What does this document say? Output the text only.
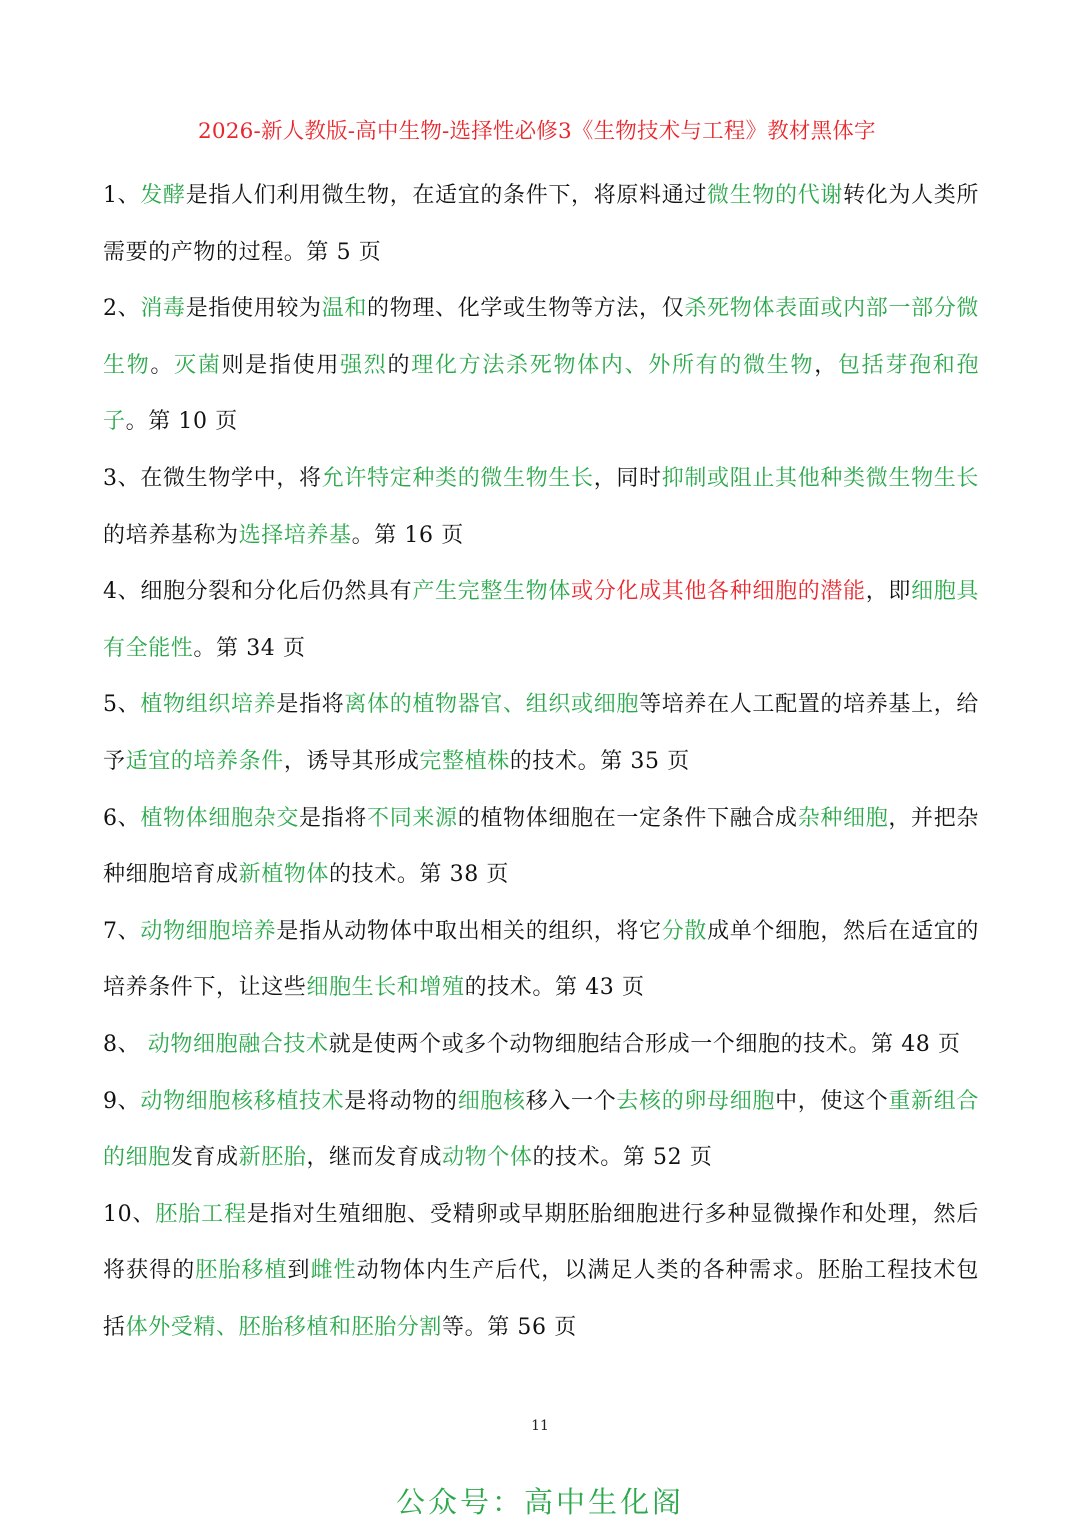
2026-新人教版-高中生物-选择性必修3《生物技术与工程》教材黑体字
1、发酵是指人们利用微生物，在适宜的条件下，将原料通过微生物的代谢转化为人类所需要的产物的过程。第 5 页
2、消毒是指使用较为温和的物理、化学或生物等方法，仅杀死物体表面或内部一部分微生物。灭菌则是指使用强烈的理化方法杀死物体内、外所有的微生物，包括芽孢和孢子。第 10 页
3、在微生物学中，将允许特定种类的微生物生长，同时抑制或阻止其他种类微生物生长的培养基称为选择培养基。第 16 页
4、细胞分裂和分化后仍然具有产生完整生物体或分化成其他各种细胞的潜能，即细胞具有全能性。第 34 页
5、植物组织培养是指将离体的植物器官、组织或细胞等培养在人工配置的培养基上，给予适宜的培养条件，诱导其形成完整植株的技术。第 35 页
6、植物体细胞杂交是指将不同来源的植物体细胞在一定条件下融合成杂种细胞，并把杂种细胞培育成新植物体的技术。第 38 页
7、动物细胞培养是指从动物体中取出相关的组织，将它分散成单个细胞，然后在适宜的培养条件下，让这些细胞生长和增殖的技术。第 43 页
8、 动物细胞融合技术就是使两个或多个动物细胞结合形成一个细胞的技术。第 48 页
9、动物细胞核移植技术是将动物的细胞核移入一个去核的卵母细胞中，使这个重新组合的细胞发育成新胚胎，继而发育成动物个体的技术。第 52 页
10、胚胎工程是指对生殖细胞、受精卵或早期胚胎细胞进行多种显微操作和处理，然后将获得的胚胎移植到雌性动物体内生产后代，以满足人类的各种需求。胚胎工程技术包括体外受精、胚胎移植和胚胎分割等。第 56 页
11
公众号：高中生化阁
